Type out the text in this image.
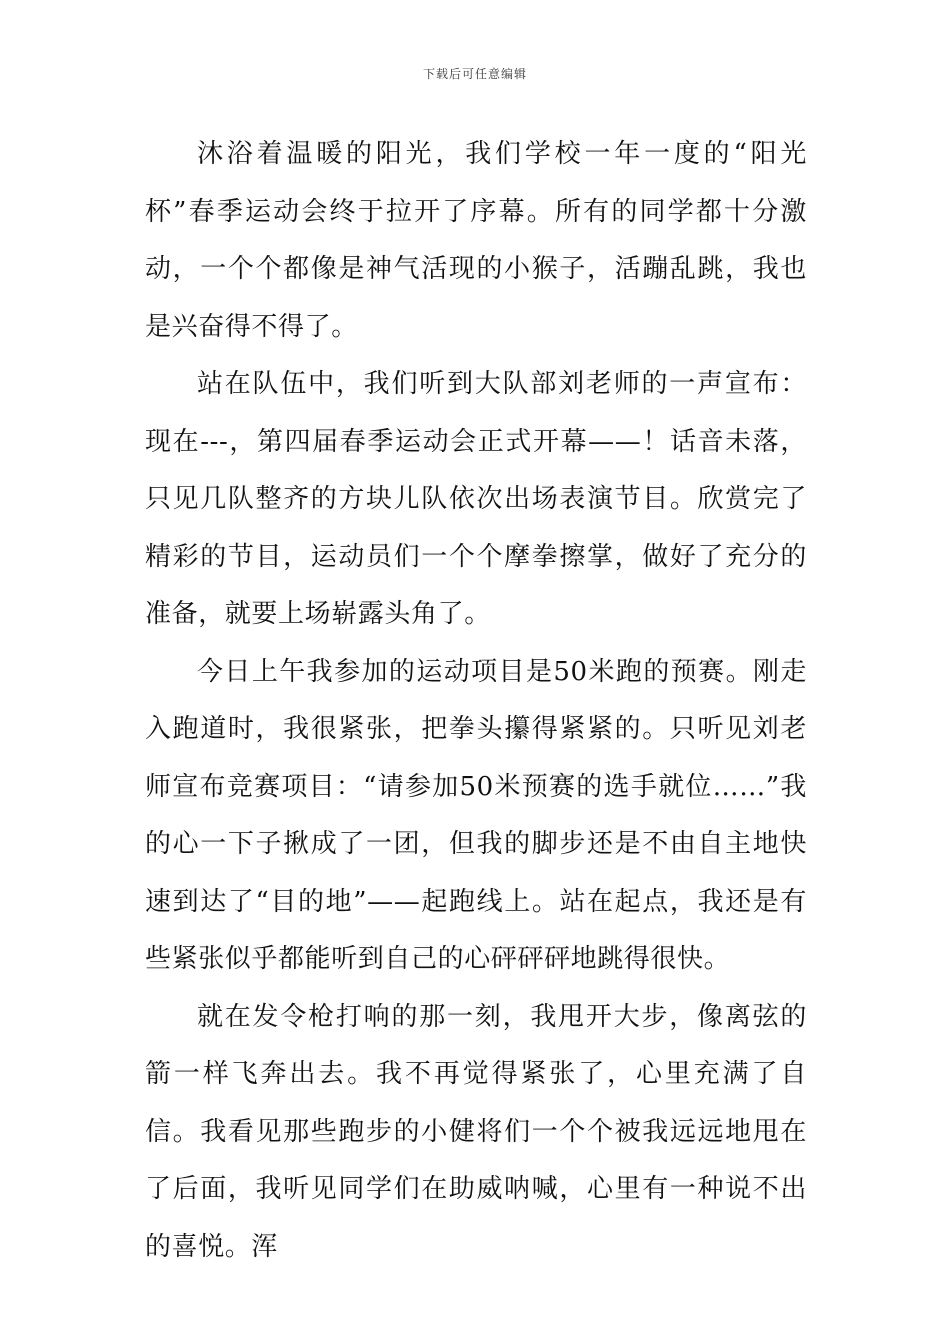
下载后可任意编辑

沐浴着温暖的阳光，我们学校一年一度的“阳光杯”春季运动会终于拉开了序幕。所有的同学都十分激动，一个个都像是神气活现的小猴子，活蹦乱跳，我也是兴奋得不得了。

站在队伍中，我们听到大队部刘老师的一声宣布：现在---，第四届春季运动会正式开幕——！话音未落，只见几队整齐的方块儿队依次出场表演节目。欣赏完了精彩的节目，运动员们一个个摩拳擦掌，做好了充分的准备，就要上场崭露头角了。

今日上午我参加的运动项目是50米跑的预赛。刚走入跑道时，我很紧张，把拳头攥得紧紧的。只听见刘老师宣布竞赛项目：“请参加50米预赛的选手就位……”我的心一下子揪成了一团，但我的脚步还是不由自主地快速到达了“目的地”——起跑线上。站在起点，我还是有些紧张似乎都能听到自己的心砰砰砰地跳得很快。

就在发令枪打响的那一刻，我甩开大步，像离弦的箭一样飞奔出去。我不再觉得紧张了，心里充满了自信。我看见那些跑步的小健将们一个个被我远远地甩在了后面，我听见同学们在助威呐喊，心里有一种说不出的喜悦。浑
